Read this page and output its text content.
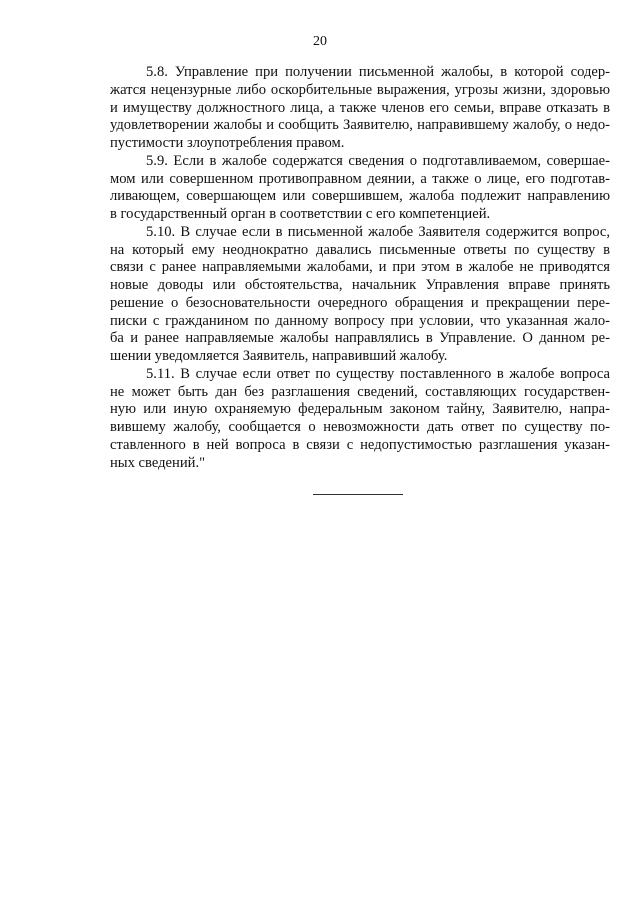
20
5.8. Управление при получении письменной жалобы, в которой содер-
жатся нецензурные либо оскорбительные выражения, угрозы жизни, здоровью
и имуществу должностного лица, а также членов его семьи, вправе отказать в
удовлетворении жалобы и сообщить Заявителю, направившему жалобу, о недо-
пустимости злоупотребления правом.
5.9. Если в жалобе содержатся сведения о подготавливаемом, совершае-
мом или совершенном противоправном деянии, а также о лице, его подготав-
ливающем, совершающем или совершившем, жалоба подлежит направлению
в государственный орган в соответствии с его компетенцией.
5.10. В случае если в письменной жалобе Заявителя содержится вопрос,
на который ему неоднократно давались письменные ответы по существу в
связи с ранее направляемыми жалобами, и при этом в жалобе не приводятся
новые доводы или обстоятельства, начальник Управления вправе принять
решение о безосновательности очередного обращения и прекращении пере-
писки с гражданином по данному вопросу при условии, что указанная жало-
ба и ранее направляемые жалобы направлялись в Управление. О данном ре-
шении уведомляется Заявитель, направивший жалобу.
5.11. В случае если ответ по существу поставленного в жалобе вопроса
не может быть дан без разглашения сведений, составляющих государствен-
ную или иную охраняемую федеральным законом тайну, Заявителю, напра-
вившему жалобу, сообщается о невозможности дать ответ по существу по-
ставленного в ней вопроса в связи с недопустимостью разглашения указан-
ных сведений."
